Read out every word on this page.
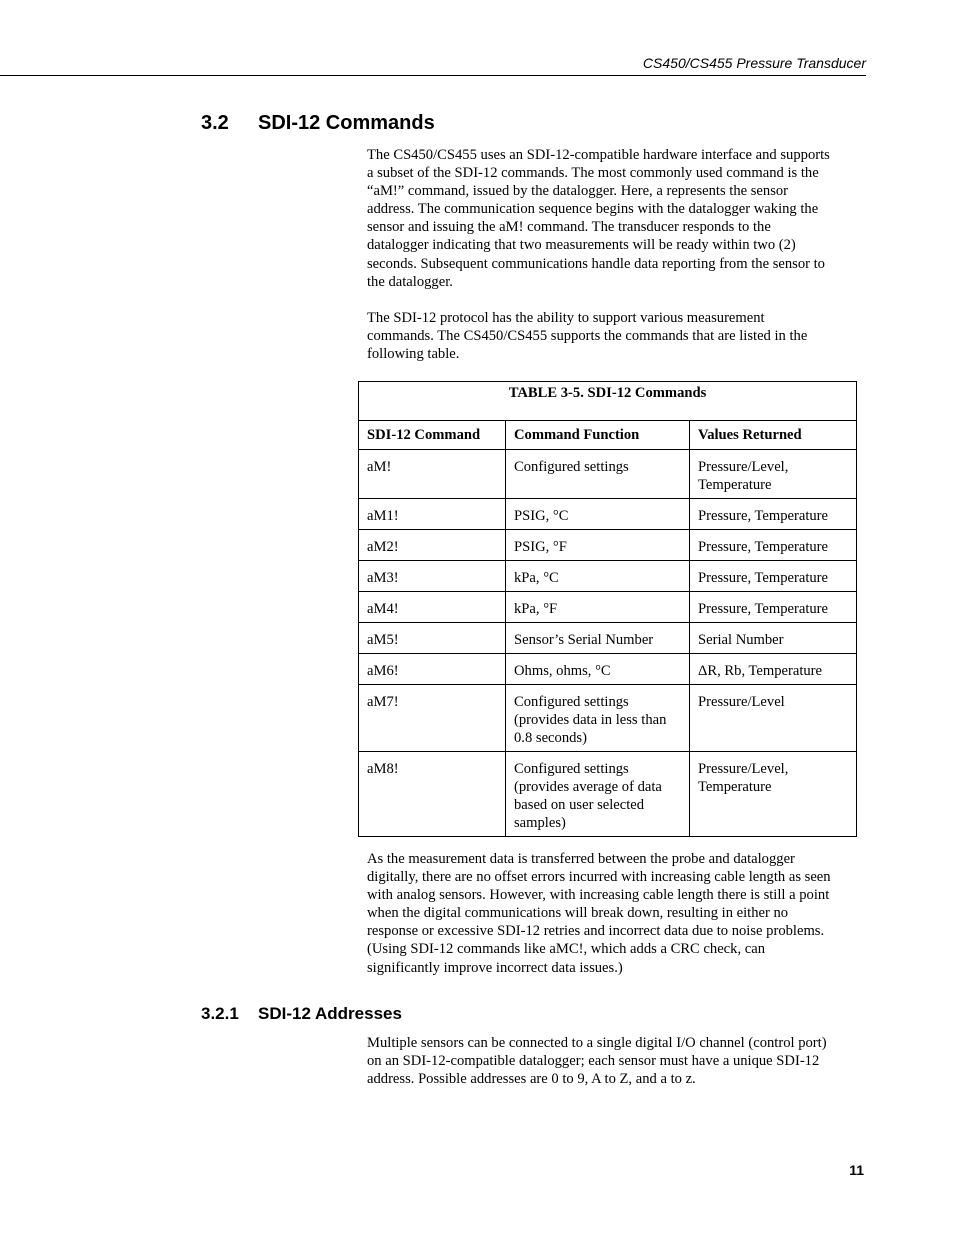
CS450/CS455 Pressure Transducer
3.2 SDI-12 Commands
The CS450/CS455 uses an SDI-12-compatible hardware interface and supports
a subset of the SDI-12 commands. The most commonly used command is the
“aM!” command, issued by the datalogger. Here, a represents the sensor
address. The communication sequence begins with the datalogger waking the
sensor and issuing the aM! command. The transducer responds to the
datalogger indicating that two measurements will be ready within two (2)
seconds. Subsequent communications handle data reporting from the sensor to
the datalogger.
The SDI-12 protocol has the ability to support various measurement
commands. The CS450/CS455 supports the commands that are listed in the
following table.
TABLE 3-5. SDI-12 Commands		
SDI-12 Command	Command Function	Values Returned
aM!	Configured settings	Pressure/Level,
Temperature

aM1!	PSIG, °C	Pressure, Temperature

aM2!	PSIG, °F	Pressure, Temperature

aM3!	kPa, °C	Pressure, Temperature

aM4!	kPa, °F	Pressure, Temperature

aM5!	Sensor’s Serial Number	Serial Number

aM6!	Ohms, ohms, °C	ΔR, Rb, Temperature

aM7!	Configured settings
(provides data in less than
0.8 seconds)	Pressure/Level

aM8!	Configured settings
(provides average of data
based on user selected
samples)	Pressure/Level,
Temperature
As the measurement data is transferred between the probe and datalogger
digitally, there are no offset errors incurred with increasing cable length as seen
with analog sensors. However, with increasing cable length there is still a point
when the digital communications will break down, resulting in either no
response or excessive SDI-12 retries and incorrect data due to noise problems.
(Using SDI-12 commands like aMC!, which adds a CRC check, can
significantly improve incorrect data issues.)
3.2.1 SDI-12 Addresses
Multiple sensors can be connected to a single digital I/O channel (control port)
on an SDI-12-compatible datalogger; each sensor must have a unique SDI-12
address. Possible addresses are 0 to 9, A to Z, and a to z.
11
